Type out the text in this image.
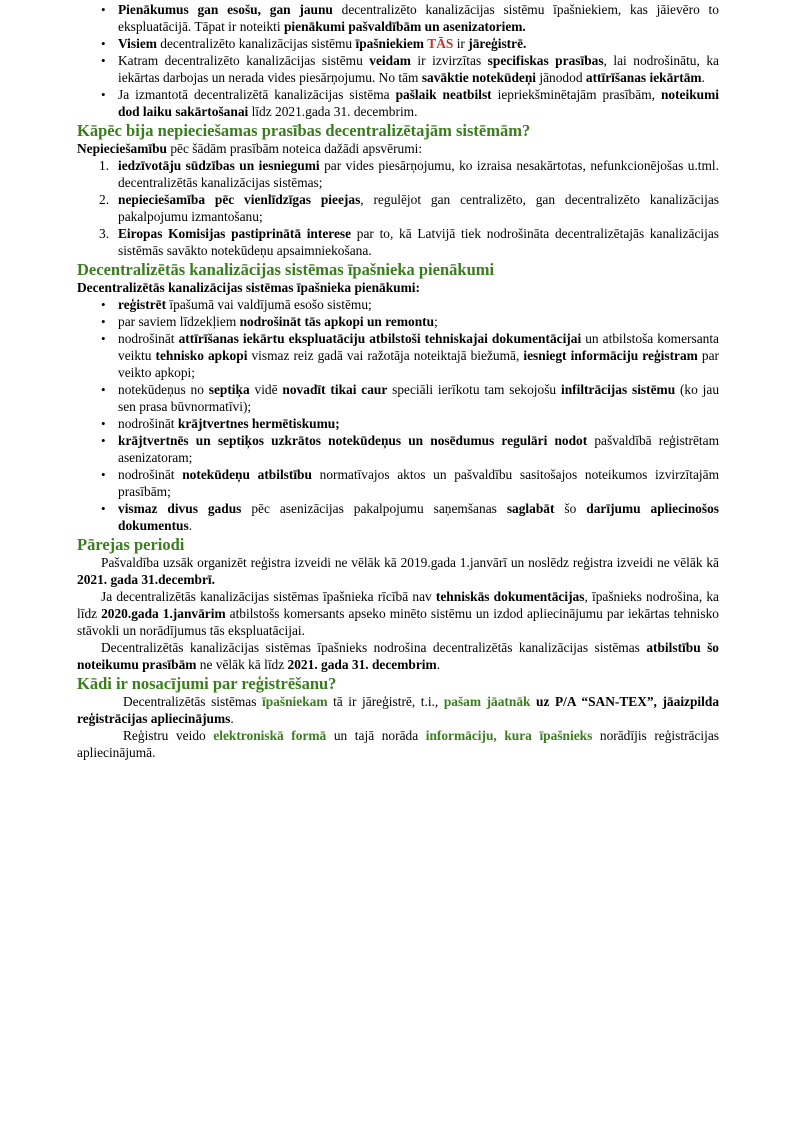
• Pienākumus gan esošu, gan jaunu decentralizēto kanalizācijas sistēmu īpašniekiem, kas jāievēro to ekspluatācijā. Tāpat ir noteikti pienākumi pašvaldībām un asenizatoriem.
• Visiem decentralizēto kanalizācijas sistēmu īpašniekiem TĀS ir jāreģistrē.
• Katram decentralizēto kanalizācijas sistēmu veidam ir izvirzītas specifiskas prasības, lai nodrošinātu, ka iekārtas darbojas un nerada vides piesārņojumu. No tām savāktie notekūdeņi jānodod attīrīšanas iekārtām.
• Ja izmantotā decentralizētā kanalizācijas sistēma pašlaik neatbilst iepriekšminētajām prasībām, noteikumi dod laiku sakārtošanai līdz 2021.gada 31. decembrim.
Kāpēc bija nepieciešamas prasības decentralizētajām sistēmām?

Nepieciešamību pēc šādām prasībām noteica dažādi apsvērumi:

1. iedzīvotāju sūdzības un iesniegumi par vides piesārņojumu, ko izraisa nesakārtotas, nefunkcionējošas u.tml. decentralizētās kanalizācijas sistēmas;
2. nepieciešamība pēc vienlīdzīgas pieejas, regulējot gan centralizēto, gan decentralizēto kanalizācijas pakalpojumu izmantošanu;
3. Eiropas Komisijas pastiprinātā interese par to, kā Latvijā tiek nodrošināta decentralizētajās kanalizācijas sistēmās savākto notekūdeņu apsaimniekošana.
Decentralizētās kanalizācijas sistēmas īpašnieka pienākumi

Decentralizētās kanalizācijas sistēmas īpašnieka pienākumi:

• reģistrēt īpašumā vai valdījumā esošo sistēmu;
• par saviem līdzekļiem nodrošināt tās apkopi un remontu;
• nodrošināt attīrīšanas iekārtu ekspluatāciju atbilstoši tehniskajai dokumentācijai un atbilstoša komersanta veiktu tehnisko apkopi vismaz reiz gadā vai ražotāja noteiktajā biežumā, iesniegt informāciju reģistram par veikto apkopi;
• notekūdeņus no septiķa vidē novadīt tikai caur speciāli ierīkotu tam sekojošu infiltrācijas sistēmu (ko jau sen prasa būvnormatīvi);
• nodrošināt krājtvertnes hermētiskumu;
• krājtvertnēs un septiķos uzkrātos notekūdeņus un nosēdumus regulāri nodot pašvaldībā reģistrētam asenizatoram;
• nodrošināt notekūdeņu atbilstību normatīvajos aktos un pašvaldību sasitošajos noteikumos izvirzītajām prasībām;
• vismaz divus gadus pēc asenizācijas pakalpojumu saņemšanas saglabāt šo darījumu apliecinošos dokumentus.
Pārejas periodi

Pašvaldība uzsāk organizēt reģistra izveidi ne vēlāk kā 2019.gada 1.janvārī un noslēdz reģistra izveidi ne vēlāk kā 2021. gada 31.decembrī.

Ja decentralizētās kanalizācijas sistēmas īpašnieka rīcībā nav tehniskās dokumentācijas, īpašnieks nodrošina, ka līdz 2020.gada 1.janvārim atbilstošs komersants apseko minēto sistēmu un izdod apliecinājumu par iekārtas tehnisko stāvokli un norādījumus tās ekspluatācijai.

Decentralizētās kanalizācijas sistēmas īpašnieks nodrošina decentralizētās kanalizācijas sistēmas atbilstību šo noteikumu prasībām ne vēlāk kā līdz 2021. gada 31. decembrim.

Kādi ir nosacījumi par reģistrēšanu?

Decentralizētās sistēmas īpašniekam tā ir jāreģistrē, t.i., pašam jāatnāk uz P/A “SAN-TEX”, jāaizpilda reģistrācijas apliecinājums.

Reģistru veido elektroniskā formā un tajā norāda informāciju, kura īpašnieks norādījis reģistrācijas apliecinājumā.
